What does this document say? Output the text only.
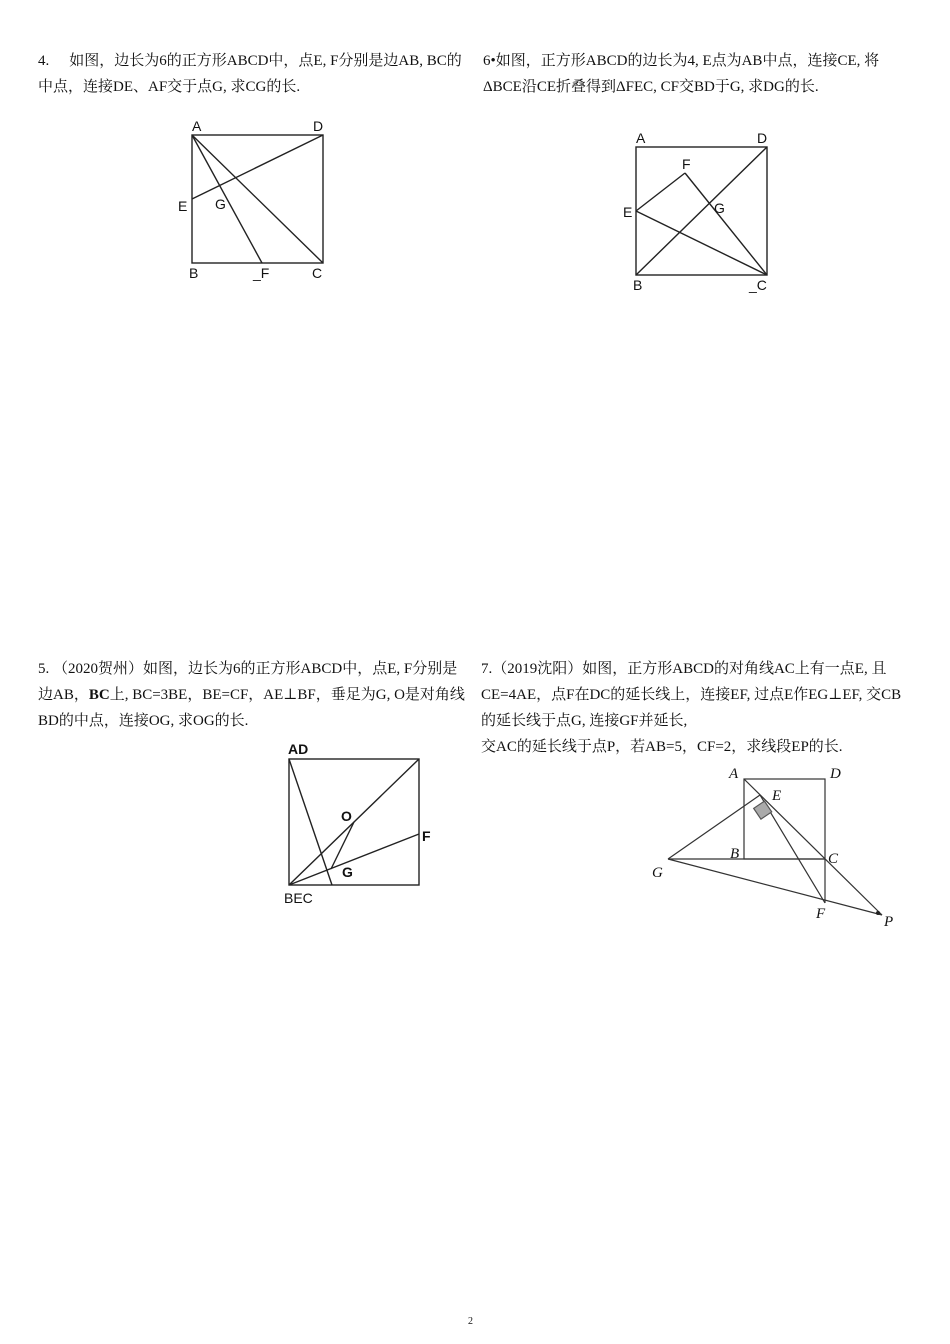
4. 如图，边长为6的正方形ABCD中，点E, F分别是边AB, BC的中点，连接DE、AF交于点G, 求CG的长.

A	D
E G
B	_F	C

6•如图，正方形ABCD的边长为4, E点为AB中点，连接CE, 将ΔBCE沿CE折叠得到ΔFEC, CF交BD于G, 求DG的长.

A	D
F
E	G
B	_C

5. （2020贺州）如图，边长为6的正方形ABCD中，点E, F分别是边AB，BC上, BC=3BE，BE=CF，AE⊥BF，垂足为G, O是对角线BD的中点，连接OG, 求OG的长.

AD
O
F
G
BEC

7.（2019沈阳）如图，正方形ABCD的对角线AC上有一点E, 且CE=4AE，点F在DC的延长线上，连接EF, 过点E作EG⊥EF, 交CB的延长线于点G, 连接GF并延长,

交AC的延长线于点P，若AB=5，CF=2，求线段EP的长.

A	D
E
B	C
G
F	P
2
